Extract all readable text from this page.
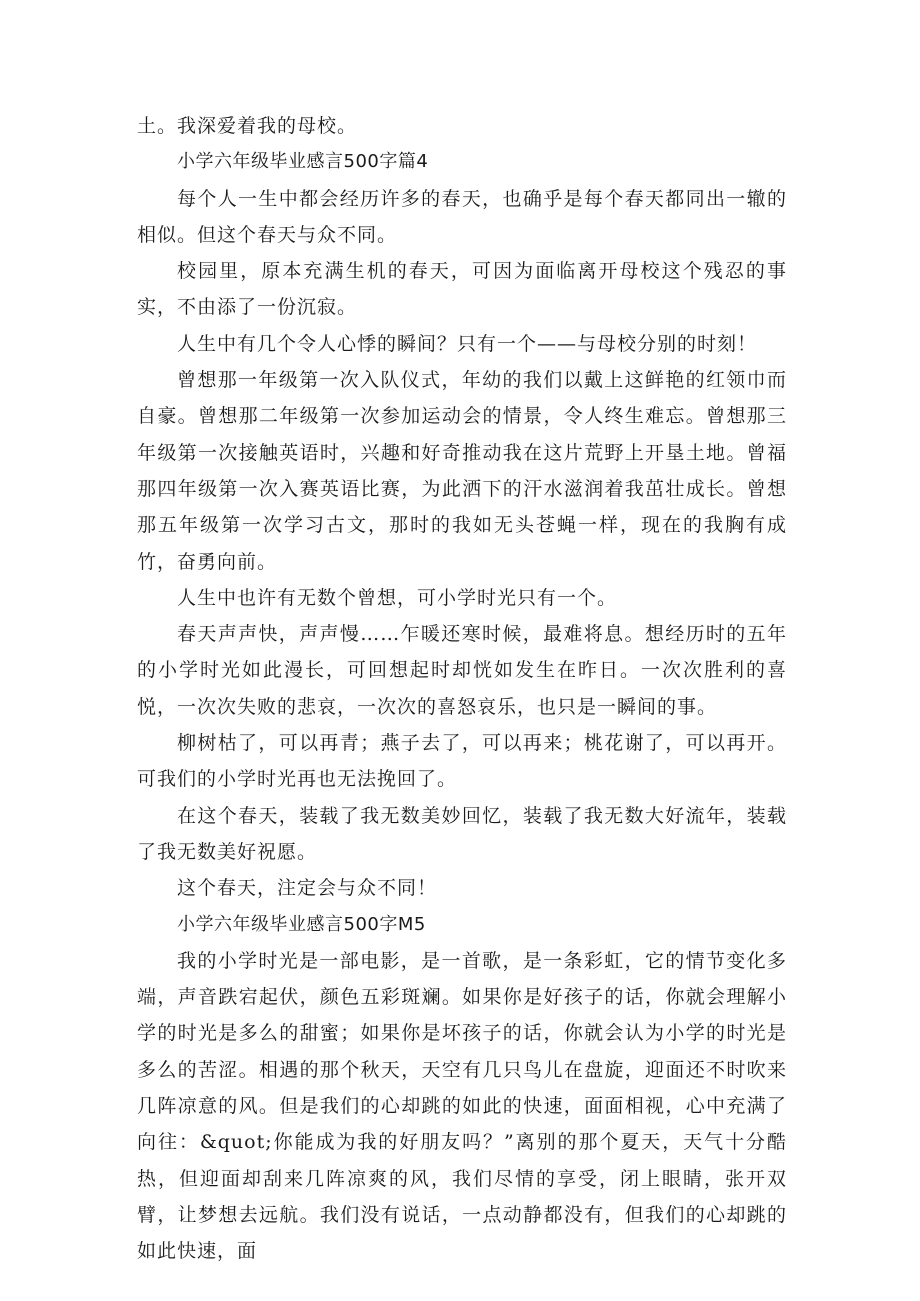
土。我深爱着我的母校。

小学六年级毕业感言500字篇4

每个人一生中都会经历许多的春天，也确乎是每个春天都同出一辙的相似。但这个春天与众不同。

校园里，原本充满生机的春天，可因为面临离开母校这个残忍的事实，不由添了一份沉寂。

人生中有几个令人心悸的瞬间？只有一个——与母校分别的时刻！

曾想那一年级第一次入队仪式，年幼的我们以戴上这鲜艳的红领巾而自豪。曾想那二年级第一次参加运动会的情景，令人终生难忘。曾想那三年级第一次接触英语时，兴趣和好奇推动我在这片荒野上开垦土地。曾福那四年级第一次入赛英语比赛，为此洒下的汗水滋润着我茁壮成长。曾想那五年级第一次学习古文，那时的我如无头苍蝇一样，现在的我胸有成竹，奋勇向前。

人生中也许有无数个曾想，可小学时光只有一个。

春天声声快，声声慢……乍暖还寒时候，最难将息。想经历时的五年的小学时光如此漫长，可回想起时却恍如发生在昨日。一次次胜利的喜悦，一次次失败的悲哀，一次次的喜怒哀乐，也只是一瞬间的事。

柳树枯了，可以再青；燕子去了，可以再来；桃花谢了，可以再开。可我们的小学时光再也无法挽回了。

在这个春天，装载了我无数美妙回忆，装载了我无数大好流年，装载了我无数美好祝愿。

这个春天，注定会与众不同！

小学六年级毕业感言500字M5

我的小学时光是一部电影，是一首歌，是一条彩虹，它的情节变化多端，声音跌宕起伏，颜色五彩斑斓。如果你是好孩子的话，你就会理解小学的时光是多么的甜蜜；如果你是坏孩子的话，你就会认为小学的时光是多么的苦涩。相遇的那个秋天，天空有几只鸟儿在盘旋，迎面还不时吹来几阵凉意的风。但是我们的心却跳的如此的快速，面面相视，心中充满了向往：&quot;你能成为我的好朋友吗？”离别的那个夏天，天气十分酷热，但迎面却刮来几阵凉爽的风，我们尽情的享受，闭上眼睛，张开双臂，让梦想去远航。我们没有说话，一点动静都没有，但我们的心却跳的如此快速，面
